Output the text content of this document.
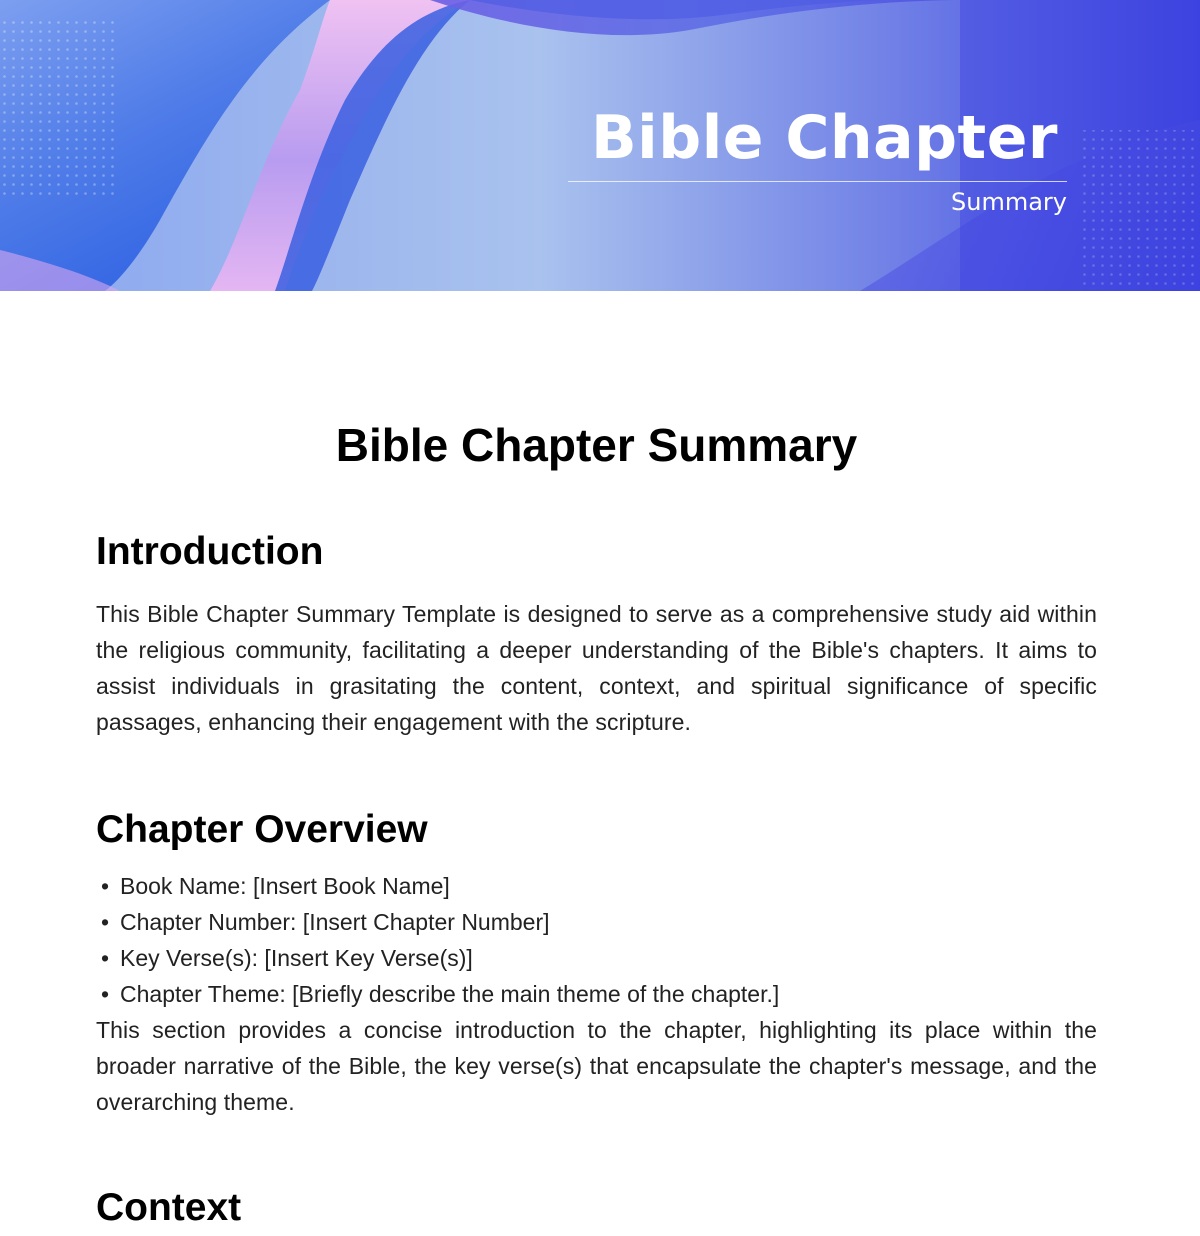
Bible Chapter
Summary
Bible Chapter Summary
Introduction

This Bible Chapter Summary Template is designed to serve as a comprehensive study aid within the religious community, facilitating a deeper understanding of the Bible's chapters. It aims to assist individuals in grasitating the content, context, and spiritual significance of specific passages, enhancing their engagement with the scripture.

Chapter Overview
• Book Name: [Insert Book Name]
• Chapter Number: [Insert Chapter Number]
• Key Verse(s): [Insert Key Verse(s)]
• Chapter Theme: [Briefly describe the main theme of the chapter.]

This section provides a concise introduction to the chapter, highlighting its place within the broader narrative of the Bible, the key verse(s) that encapsulate the chapter's message, and the overarching theme.

Context
